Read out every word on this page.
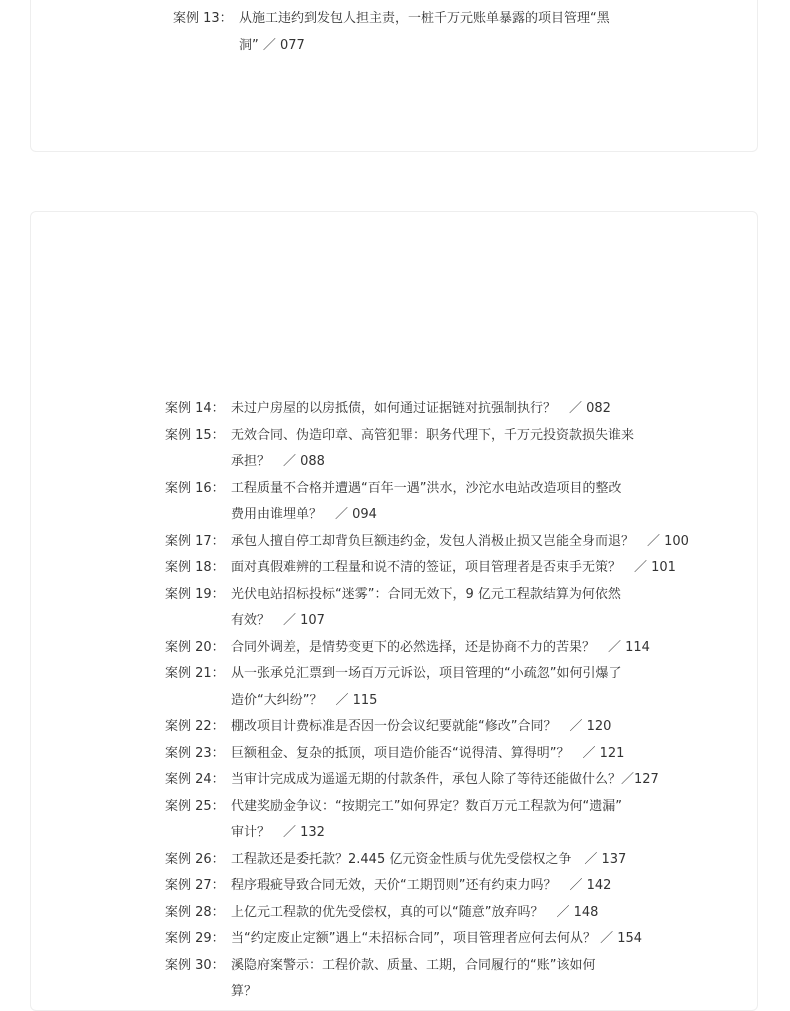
案例 13： 从施工违约到发包人担主责，一桩千万元账单暴露的项目管理“黑
洞” ／ 077
案例 14： 未过户房屋的以房抵债，如何通过证据链对抗强制执行？　／ 082
案例 15： 无效合同、伪造印章、高管犯罪：职务代理下，千万元投资款损失谁来
承担？　／ 088
案例 16： 工程质量不合格并遭遇“百年一遇”洪水，沙沱水电站改造项目的整改
费用由谁埋单？　／ 094
案例 17： 承包人擅自停工却背负巨额违约金，发包人消极止损又岂能全身而退？　／ 100
案例 18： 面对真假难辨的工程量和说不清的签证，项目管理者是否束手无策？　／ 101
案例 19： 光伏电站招标投标“迷雾”：合同无效下，9 亿元工程款结算为何依然
有效？　／ 107
案例 20： 合同外调差，是情势变更下的必然选择，还是协商不力的苦果？　／ 114
案例 21： 从一张承兑汇票到一场百万元诉讼，项目管理的“小疏忽”如何引爆了
造价“大纠纷”？　／ 115
案例 22： 棚改项目计费标准是否因一份会议纪要就能“修改”合同？　／ 120
案例 23： 巨额租金、复杂的抵顶，项目造价能否“说得清、算得明”？　／ 121
案例 24： 当审计完成成为遥遥无期的付款条件，承包人除了等待还能做什么？／127
案例 25： 代建奖励金争议：“按期完工”如何界定？数百万元工程款为何“遗漏”
审计？　／ 132
案例 26： 工程款还是委托款？2.445 亿元资金性质与优先受偿权之争　／ 137
案例 27： 程序瑕疵导致合同无效，天价“工期罚则”还有约束力吗？　／ 142
案例 28： 上亿元工程款的优先受偿权，真的可以“随意”放弃吗？　／ 148
案例 29： 当“约定废止定额”遇上“未招标合同”，项目管理者应何去何从？ ／ 154
案例 30： 溪隐府案警示：工程价款、质量、工期，合同履行的“账”该如何
算？
